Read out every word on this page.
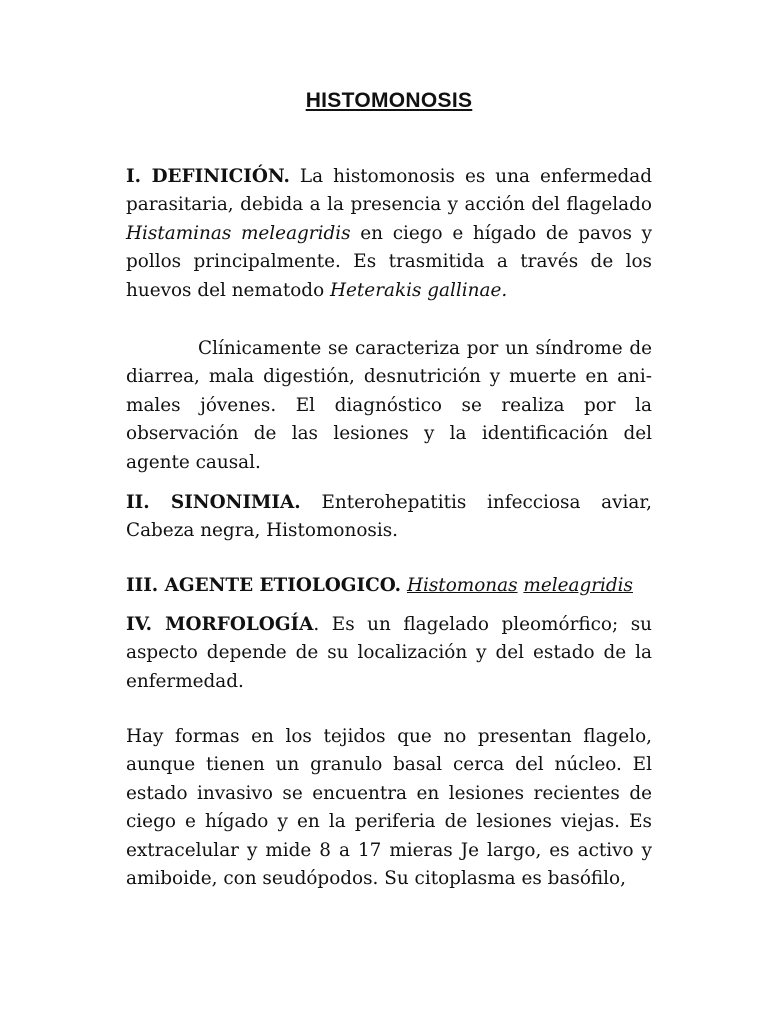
HISTOMONOSIS

I. DEFINICIÓN. La histomonosis es una enfermedad parasitaria, debida a la presencia y acción del flagelado Histaminas meleagridis en ciego e hígado de pavos y pollos principalmente. Es trasmitida a través de los huevos del nematodo Heterakis gallinae.

Clínicamente se caracteriza por un síndrome de diarrea, mala digestión, desnutrición y muerte en ani-males jóvenes. El diagnóstico se realiza por la observación de las lesiones y la identificación del agente causal.

II. SINONIMIA. Enterohepatitis infecciosa aviar, Cabeza negra, Histomonosis.

III. AGENTE ETIOLOGICO. Histomonas meleagridis

IV. MORFOLOGÍA. Es un flagelado pleomórfico; su aspecto depende de su localización y del estado de la enfermedad.

Hay formas en los tejidos que no presentan flagelo, aunque tienen un granulo basal cerca del núcleo. El estado invasivo se encuentra en lesiones recientes de ciego e hígado y en la periferia de lesiones viejas. Es extracelular y mide 8 a 17 mieras Je largo, es activo y amiboide, con seudópodos. Su citoplasma es basófilo,
